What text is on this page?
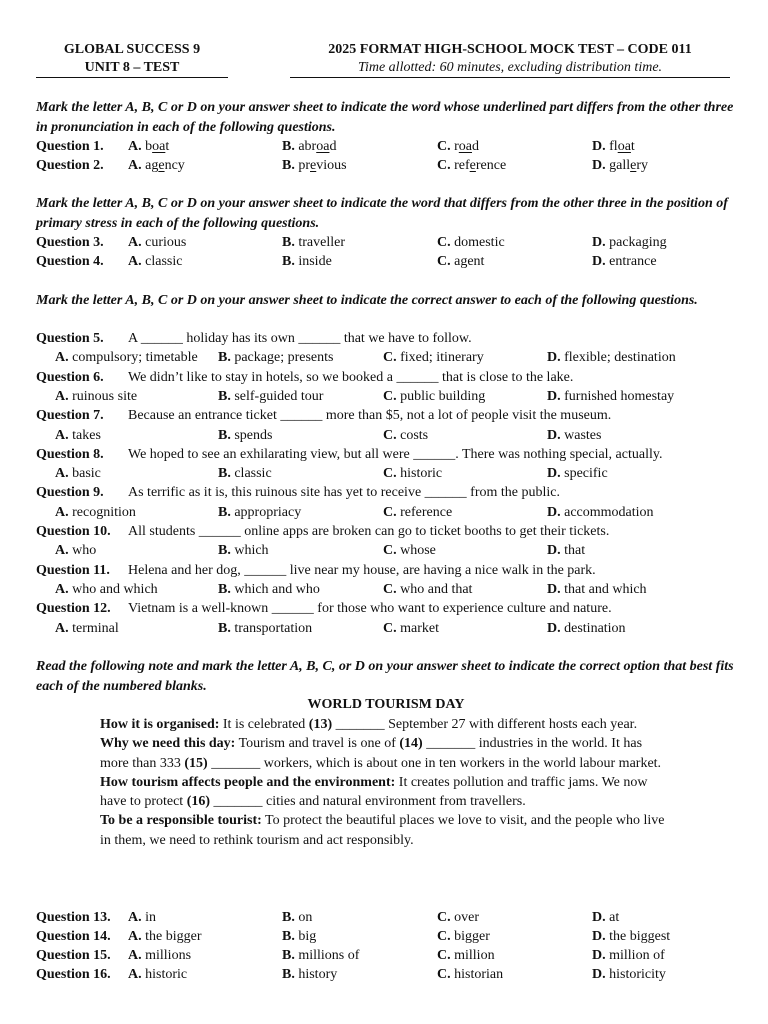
GLOBAL SUCCESS 9
UNIT 8 – TEST
2025 FORMAT HIGH-SCHOOL MOCK TEST – CODE 011
Time allotted: 60 minutes, excluding distribution time.
Mark the letter A, B, C or D on your answer sheet to indicate the word whose underlined part differs from the other three in pronunciation in each of the following questions.
Question 1. A. boat	B. abroad	C. road	D. float
Question 2. A. agency	B. previous	C. reference	D. gallery
Mark the letter A, B, C or D on your answer sheet to indicate the word that differs from the other three in the position of primary stress in each of the following questions.
Question 3. A. curious	B. traveller	C. domestic	D. packaging
Question 4. A. classic	B. inside	C. agent	D. entrance
Mark the letter A, B, C or D on your answer sheet to indicate the correct answer to each of the following questions.
Question 5. A ______ holiday has its own ______ that we have to follow.
A. compulsory; timetable B. package; presents	C. fixed; itinerary	D. flexible; destination
Question 6. We didn’t like to stay in hotels, so we booked a ______ that is close to the lake.
A. ruinous site	B. self-guided tour	C. public building	D. furnished homestay
Question 7. Because an entrance ticket ______ more than $5, not a lot of people visit the museum.
A. takes	B. spends	C. costs	D. wastes
Question 8. We hoped to see an exhilarating view, but all were ______. There was nothing special, actually.
A. basic	B. classic	C. historic	D. specific
Question 9. As terrific as it is, this ruinous site has yet to receive ______ from the public.
A. recognition	B. appropriacy	C. reference	D. accommodation
Question 10. All students ______ online apps are broken can go to ticket booths to get their tickets.
A. who	B. which	C. whose	D. that
Question 11. Helena and her dog, ______ live near my house, are having a nice walk in the park.
A. who and which	B. which and who	C. who and that	D. that and which
Question 12. Vietnam is a well-known ______ for those who want to experience culture and nature.
A. terminal	B. transportation	C. market	D. destination
Read the following note and mark the letter A, B, C, or D on your answer sheet to indicate the correct option that best fits each of the numbered blanks.
WORLD TOURISM DAY

How it is organised: It is celebrated (13) _______ September 27 with different hosts each year.

Why we need this day: Tourism and travel is one of (14) _______ industries in the world. It has more than 333 (15) _______ workers, which is about one in ten workers in the world labour market.

How tourism affects people and the environment: It creates pollution and traffic jams. We now have to protect (16) _______ cities and natural environment from travellers.

To be a responsible tourist: To protect the beautiful places we love to visit, and the people who live in them, we need to rethink tourism and act responsibly.

Question 13. A. in	B. on	C. over	D. at
Question 14. A. the bigger	B. big	C. bigger	D. the biggest
Question 15. A. millions	B. millions of	C. million	D. million of
Question 16. A. historic	B. history	C. historian	D. historicity
